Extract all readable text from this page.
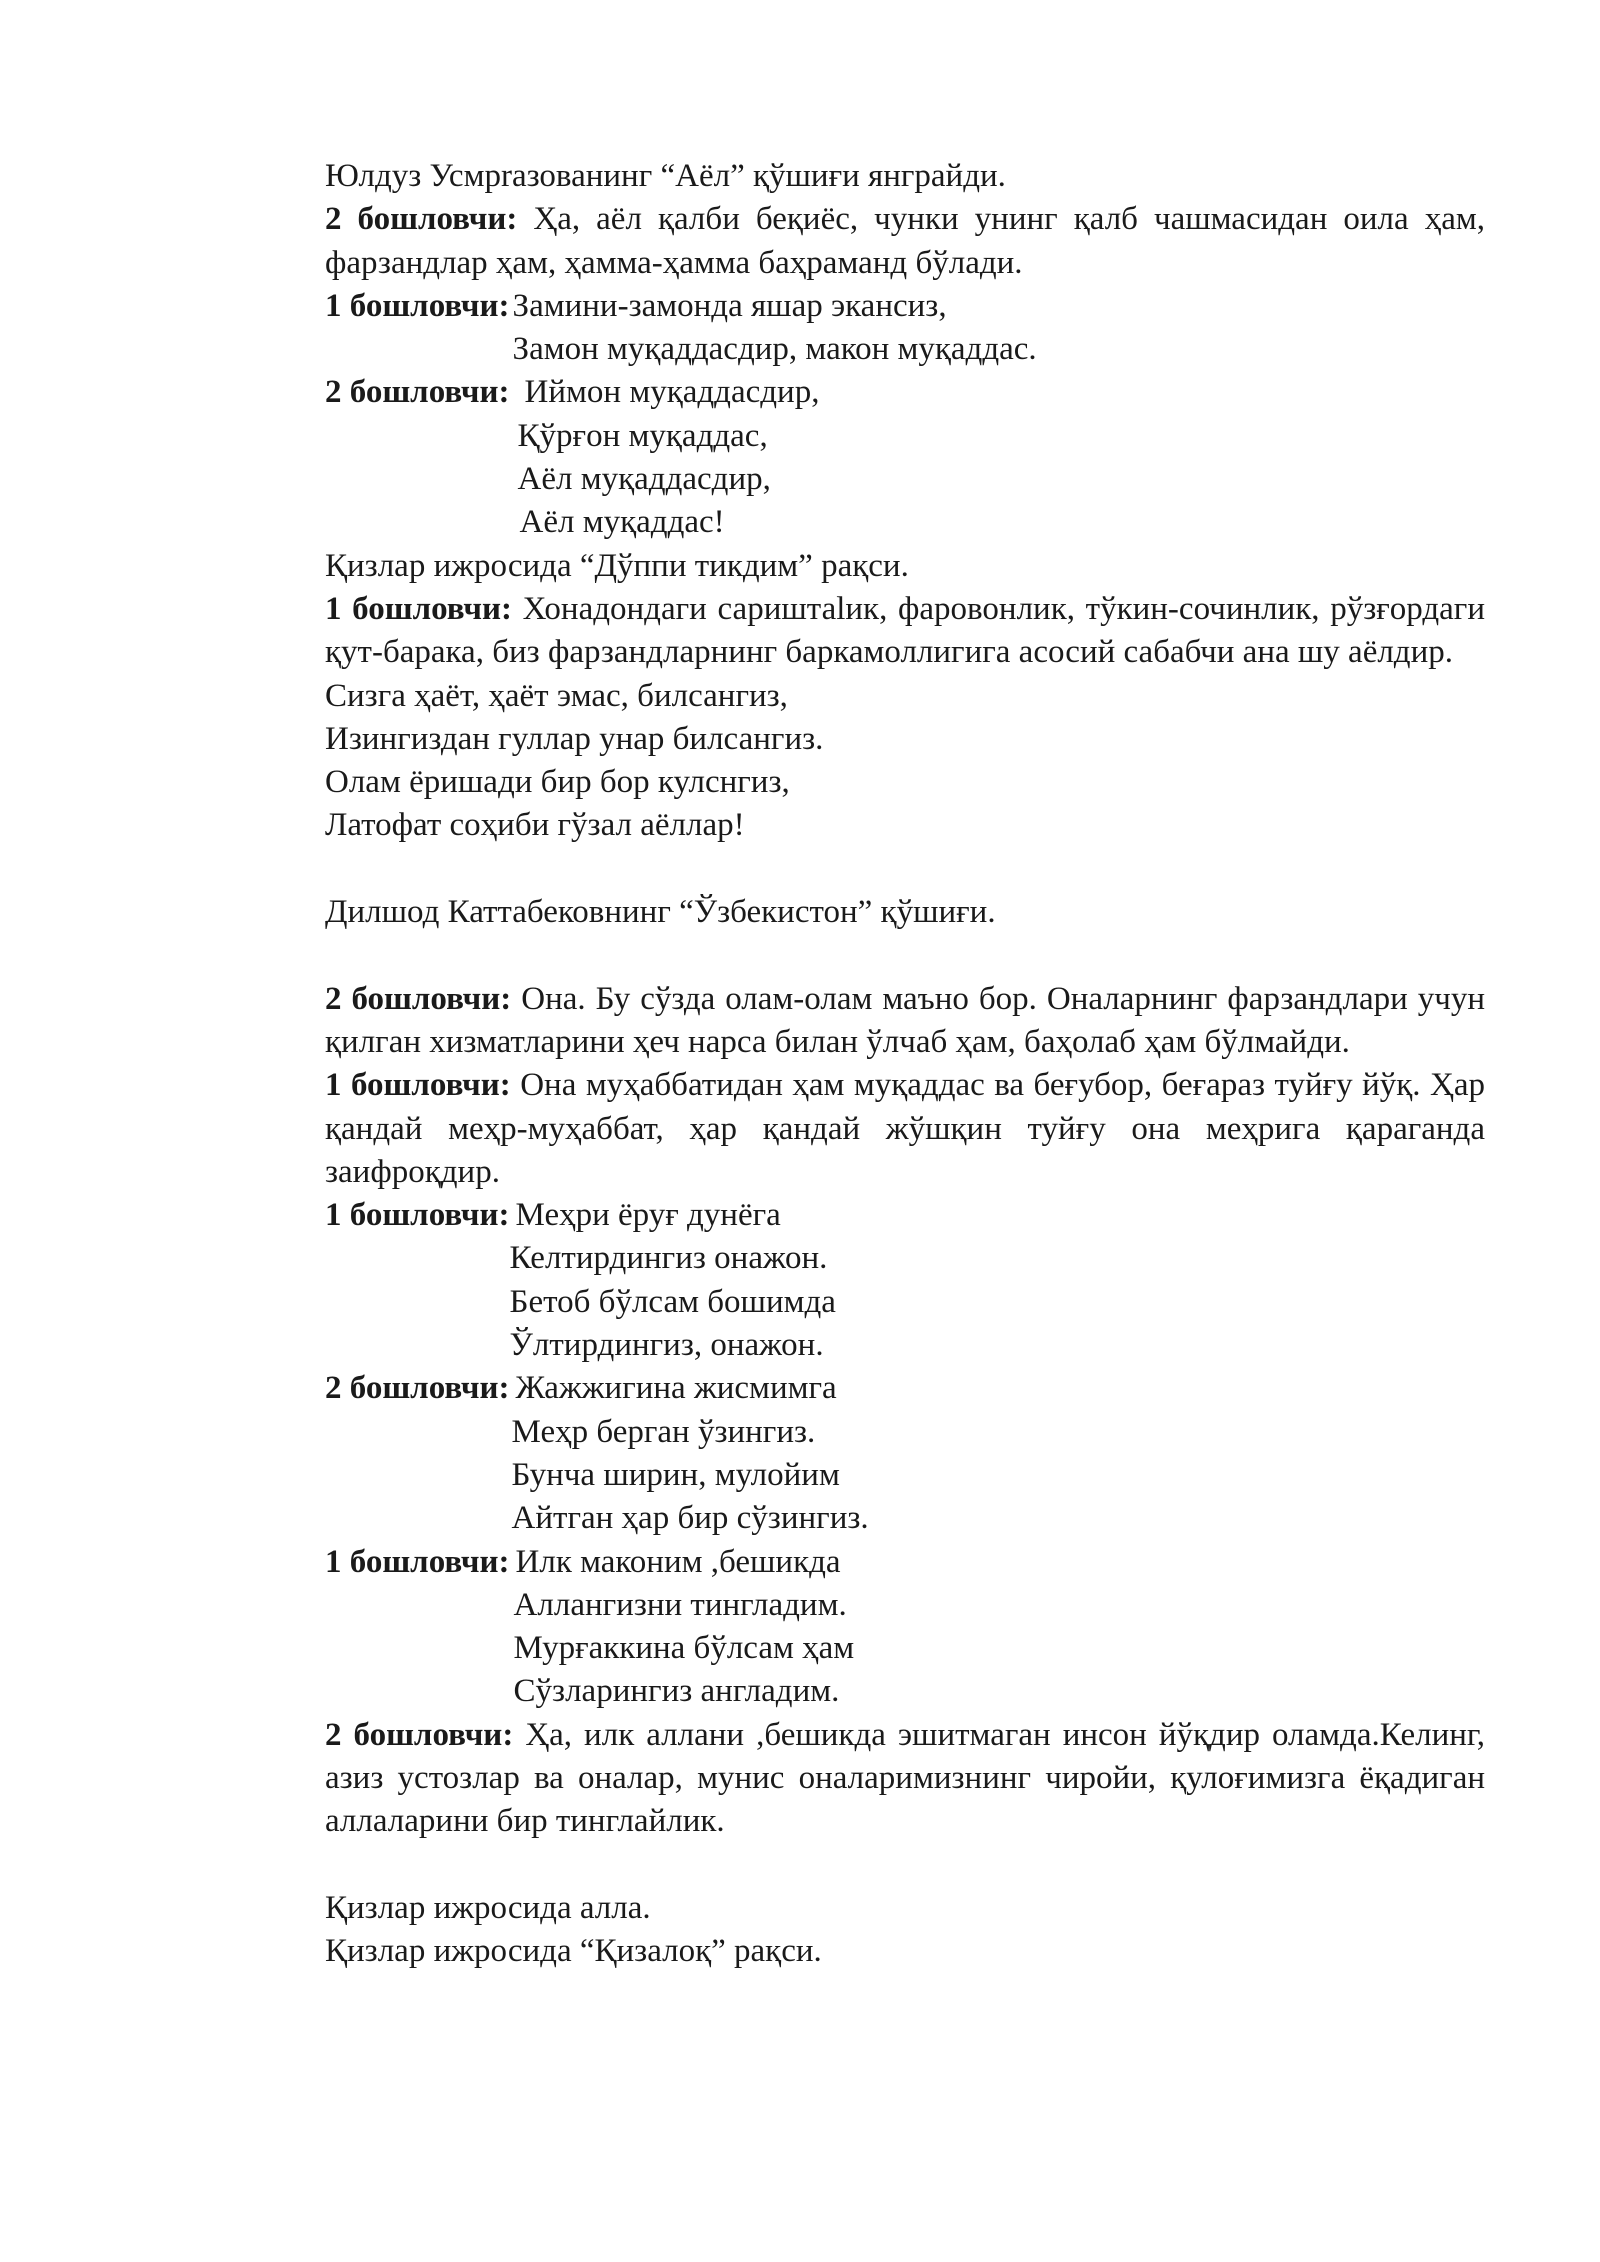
Юлдуз Усмpraзованинг “Аёл” қўшиғи янграйди.

2 бошловчи: Ҳа, аёл қалби беқиёс, чунки унинг қалб чашмасидан оила ҳам, фарзандлар ҳам, ҳамма-ҳамма баҳраманд бўлади.

1 бошловчи: Замини-замонда яшар экансиз,
Замон муқаддасдир, макон муқаддас.
2 бошловчи: Иймон муқаддасдир,
Қўрғон муқаддас,
Аёл муқаддасдир,
Аёл муқаддас!

Қизлар ижросида “Дўппи тикдим” рақси.

1 бошловчи: Хонадондаги сариштаlик, фаровонлик, тўкин-сочинлик, рўзғордаги қут-барака, биз фарзандларнинг баркамоллигига асосий сабабчи ана шу аёлдир.

Сизга ҳаёт, ҳаёт эмас, билсангиз,

Изингиздан гуллар унар билсангиз.

Олам ёришади бир бор кулснгиз,

Латофат соҳиби гўзал аёллар!

Дилшод Каттабековнинг “Ўзбекистон” қўшиғи.

2 бошловчи: Она. Бу сўзда олам-олам маъно бор. Оналарнинг фарзандлари учун қилган хизматларини ҳеч нарса билан ўлчаб ҳам, баҳолаб ҳам бўлмайди.

1 бошловчи: Она муҳаббатидан ҳам муқаддас ва беғубор, беғараз туйғу йўқ. Ҳар қандай меҳр-муҳаббат, ҳар қандай жўшқин туйғу она меҳрига қараганда заифроқдир.

1 бошловчи: Меҳри ёруғ дунёга
Келтирдингиз онажон.
Бетоб бўлсам бошимда
Ўлтирдингиз, онажон.
2 бошловчи: Жажжигина жисмимга
Меҳр берган ўзингиз.
Бунча ширин, мулойим
Айтган ҳар бир сўзингиз.
1 бошловчи: Илк маконим ,бешикда
Аллангизни тингладим.
Мурғаккина бўлсам ҳам
Сўзларингиз англадим.

2 бошловчи: Ҳа, илк аллани ,бешикда эшитмаган инсон йўқдир оламда.Келинг, азиз устозлар ва оналар, мунис оналаримизнинг чиройи, қулоғимизга ёқадиган аллаларини бир тинглайлик.

Қизлар ижросида алла.

Қизлар ижросида “Қизалоқ” рақси.
